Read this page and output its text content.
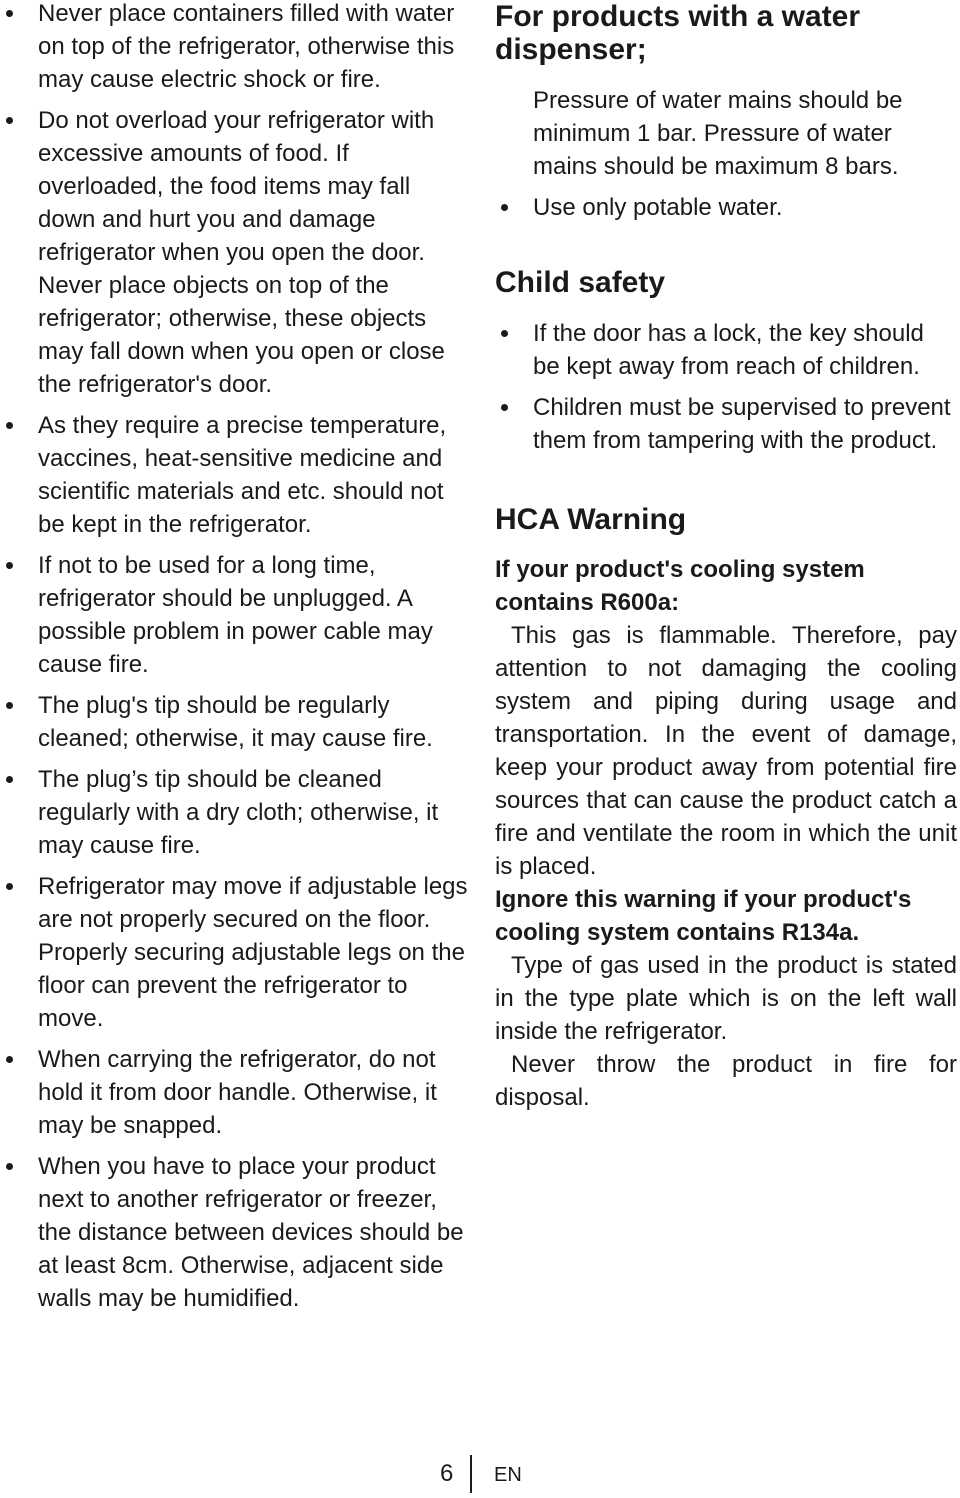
Never place containers filled with water on top of the refrigerator, otherwise this may cause electric shock or fire.
Do not overload your refrigerator with excessive amounts of food. If overloaded, the food items may fall down and hurt you and damage refrigerator when you open the door. Never place objects on top of the refrigerator; otherwise, these objects may fall down when you open or close the refrigerator's door.
As they require a precise temperature, vaccines, heat-sensitive medicine and scientific materials and etc. should not be kept in the refrigerator.
If not to be used for a long time, refrigerator should be unplugged. A possible problem in power cable may cause fire.
The plug's tip should be regularly cleaned; otherwise, it may cause fire.
The plug’s tip should be cleaned regularly with a dry cloth; otherwise, it may cause fire.
Refrigerator may move if adjustable legs are not properly secured on the floor. Properly securing adjustable legs on the floor can prevent the refrigerator to move.
When carrying the refrigerator, do not hold it from door handle. Otherwise, it may be snapped.
When you have to place your product next to another refrigerator or freezer, the distance between devices should be at least 8cm. Otherwise, adjacent side walls may be humidified.
For products with a water dispenser;

Pressure of water mains should be minimum 1 bar. Pressure of water mains should be maximum 8 bars.

Use only potable water.
Child safety
If the door has a lock, the key should be kept away from reach of children.
Children must be supervised to prevent them from tampering with the product.
HCA Warning

If your product's cooling system contains R600a:

This gas is flammable. Therefore, pay attention to not damaging the cooling system and piping during usage and transportation. In the event of damage, keep your product away from potential fire sources that can cause the product catch a fire and ventilate the room in which the unit is placed.

Ignore this warning if your product's cooling system contains R134a.

Type of gas used in the product is stated in the type plate which is on the left wall inside the refrigerator.

Never throw the product in fire for disposal.

6 EN
